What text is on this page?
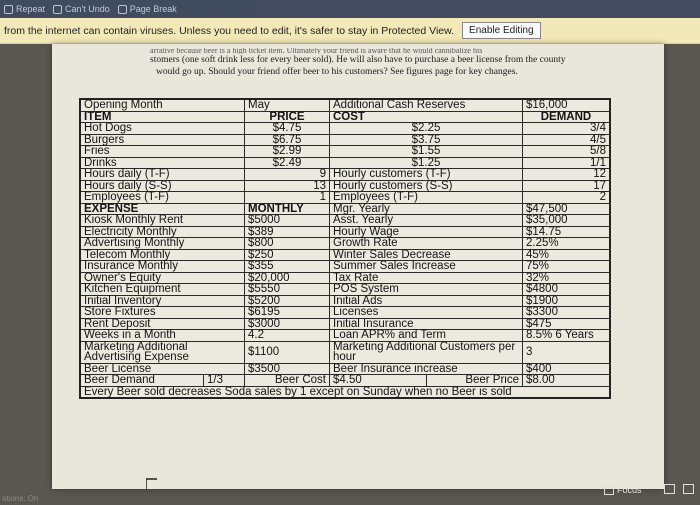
Repeat Can't Undo Page Break
from the internet can contain viruses. Unless you need to edit, it's safer to stay in Protected View.	Enable Editing
arrative because beer is a high ticket item. Ultimately your friend is aware that he would cannibalize his
stomers (one soft drink less for every beer sold). He will also have to purchase a beer license from the county
would go up. Should your friend offer beer to his customers? See figures page for key changes.
Opening Month	May	Additional Cash Reserves	$16,000
ITEM	PRICE	COST	DEMAND
Hot Dogs	$4.75	$2.25	3/4
Burgers	$6.75	$3.75	4/5
Fries	$2.99	$1.55	5/8
Drinks	$2.49	$1.25	1/1
Hours daily (T-F)	9	Hourly customers (T-F)	12
Hours daily (S-S)	13	Hourly customers (S-S)	17
Employees (T-F)	1	Employees (T-F)	2
EXPENSE	MONTHLY	Mgr. Yearly	$47,500
Kiosk Monthly Rent	$5000	Asst. Yearly	$35,000
Electricity Monthly	$389	Hourly Wage	$14.75
Advertising Monthly	$800	Growth Rate	2.25%
Telecom Monthly	$250	Winter Sales Decrease	45%
Insurance Monthly	$355	Summer Sales Increase	75%
Owner's Equity	$20,000	Tax Rate	32%
Kitchen Equipment	$5550	POS System	$4800
Initial Inventory	$5200	Initial Ads	$1900
Store Fixtures	$6195	Licenses	$3300
Rent Deposit	$3000	Initial Insurance	$475
Weeks in a Month	4.2	Loan APR% and Term	8.5% 6 Years
Marketing Additional Advertising Expense	$1100	Marketing Additional Customers per hour	3
Beer License	$3500	Beer Insurance increase	$400

Beer Demand 1/3	Beer Cost	$4.50 Beer Price	$8.00
Every Beer sold decreases Soda sales by 1 except on Sunday when no Beer is sold			
ations: On
Focus
